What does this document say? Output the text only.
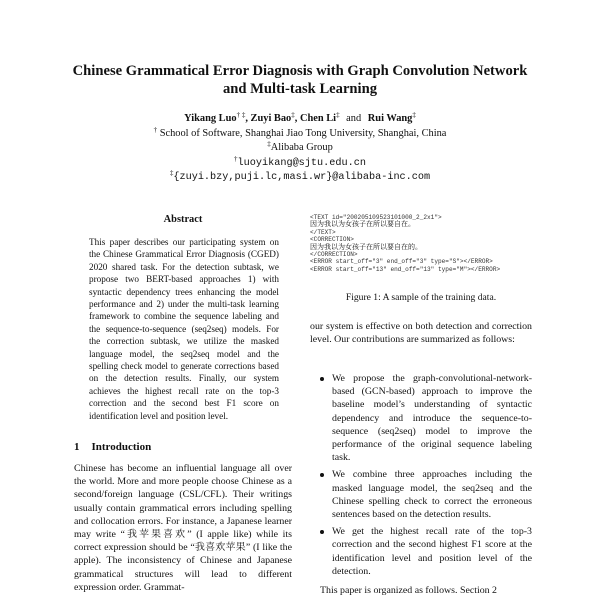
Chinese Grammatical Error Diagnosis with Graph Convolution Network
and Multi-task Learning
Yikang Luo† ‡, Zuyi Bao‡, Chen Li‡ and Rui Wang‡
† School of Software, Shanghai Jiao Tong University, Shanghai, China
‡Alibaba Group
†luoyikang@sjtu.edu.cn
‡{zuyi.bzy,puji.lc,masi.wr}@alibaba-inc.com
Abstract
This paper describes our participating system on the Chinese Grammatical Error Diagnosis (CGED) 2020 shared task. For the detection subtask, we propose two BERT-based approaches 1) with syntactic dependency trees enhancing the model performance and 2) under the multi-task learning framework to combine the sequence labeling and the sequence-to-sequence (seq2seq) models. For the correction subtask, we utilize the masked language model, the seq2seq model and the spelling check model to generate corrections based on the detection results. Finally, our system achieves the highest recall rate on the top-3 correction and the second best F1 score on identification level and position level.
1 Introduction
Chinese has become an influential language all over the world. More and more people choose Chinese as a second/foreign language (CSL/CFL). Their writings usually contain grammatical errors including spelling and collocation errors. For instance, a Japanese learner may write “我苹果喜欢” (I apple like) while its correct expression should be “我喜欢苹果” (I like the apple). The inconsistency of Chinese and Japanese grammatical structures will lead to different expression order. Grammat-
<TEXT id="200205109523101000_2_2x1">
因为我以为女孩子在所以要自在。
</TEXT>
<CORRECTION>
因为我以为女孩子在所以要自在的。
</CORRECTION>
<ERROR start_off="3" end_off="3" type="S"></ERROR>
<ERROR start_off="13" end_off="13" type="M"></ERROR>
Figure 1: A sample of the training data.
our system is effective on both detection and correction level. Our contributions are summarized as follows:
We propose the graph-convolutional-network-based (GCN-based) approach to improve the baseline model’s understanding of syntactic dependency and introduce the sequence-to-sequence (seq2seq) model to improve the performance of the original sequence labeling task.
We combine three approaches including the masked language model, the seq2seq and the Chinese spelling check to correct the erroneous sentences based on the detection results.
We get the highest recall rate of the top-3 correction and the second highest F1 score at the identification level and position level of the detection.
This paper is organized as follows. Section 2
